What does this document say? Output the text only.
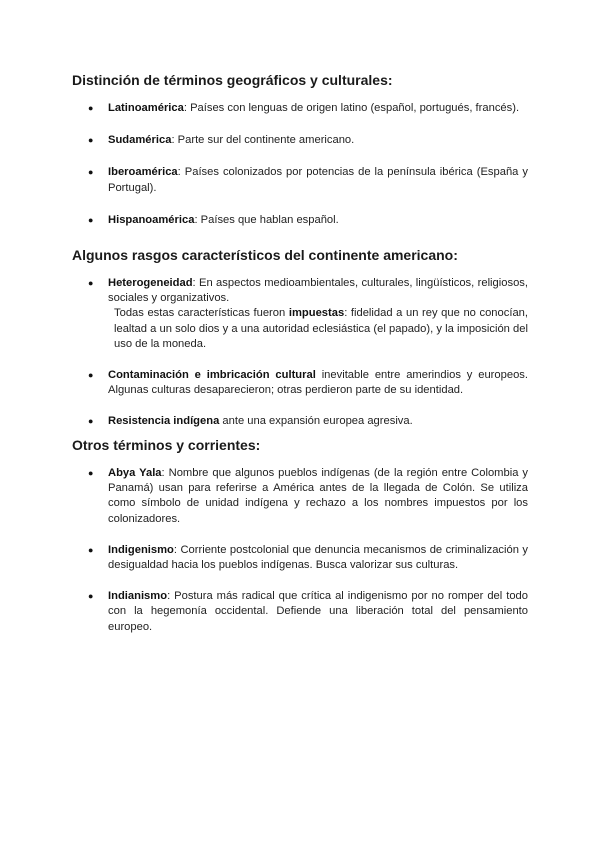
Distinción de términos geográficos y culturales:
● Latinoamérica: Países con lenguas de origen latino (español, portugués, francés).
● Sudamérica: Parte sur del continente americano.
● Iberoamérica: Países colonizados por potencias de la península ibérica (España y Portugal).
● Hispanoamérica: Países que hablan español.
Algunos rasgos característicos del continente americano:
● Heterogeneidad: En aspectos medioambientales, culturales, lingüísticos, religiosos, sociales y organizativos.
Todas estas características fueron impuestas: fidelidad a un rey que no conocían, lealtad a un solo dios y a una autoridad eclesiástica (el papado), y la imposición del uso de la moneda.
● Contaminación e imbricación cultural inevitable entre amerindios y europeos. Algunas culturas desaparecieron; otras perdieron parte de su identidad.
● Resistencia indígena ante una expansión europea agresiva.
Otros términos y corrientes:
● Abya Yala: Nombre que algunos pueblos indígenas (de la región entre Colombia y Panamá) usan para referirse a América antes de la llegada de Colón. Se utiliza como símbolo de unidad indígena y rechazo a los nombres impuestos por los colonizadores.
● Indigenismo: Corriente postcolonial que denuncia mecanismos de criminalización y desigualdad hacia los pueblos indígenas. Busca valorizar sus culturas.
● Indianismo: Postura más radical que crítica al indigenismo por no romper del todo con la hegemonía occidental. Defiende una liberación total del pensamiento europeo.
